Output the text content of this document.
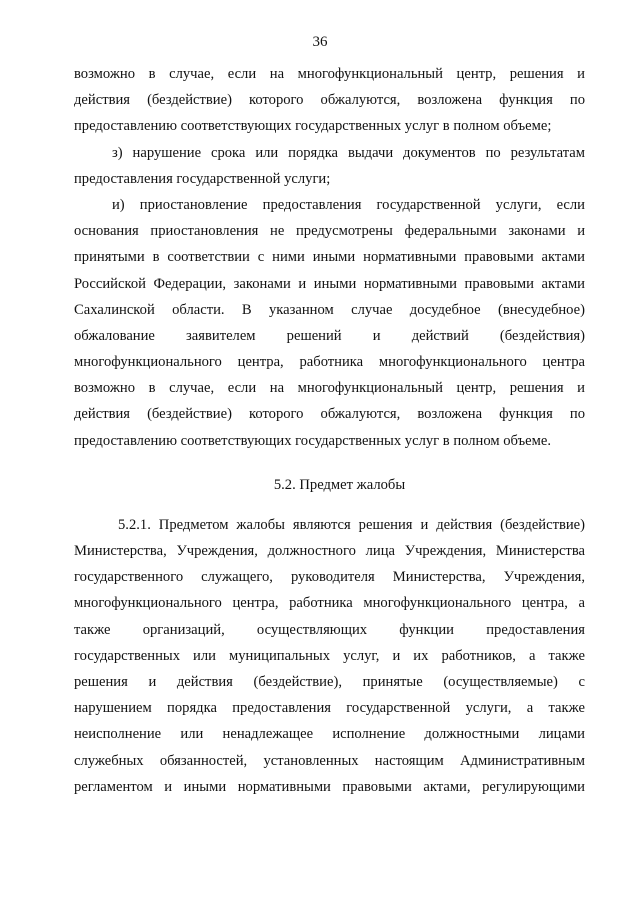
36
возможно в случае, если на многофункциональный центр, решения и
действия (бездействие) которого обжалуются, возложена функция по
предоставлению соответствующих государственных услуг в полном объеме;
з) нарушение срока или порядка выдачи документов по результатам
предоставления государственной услуги;
и) приостановление предоставления государственной услуги, если
основания приостановления не предусмотрены федеральными законами и
принятыми в соответствии с ними иными нормативными правовыми актами
Российской Федерации, законами и иными нормативными правовыми актами
Сахалинской области. В указанном случае досудебное (внесудебное)
обжалование заявителем решений и действий (бездействия)
многофункционального центра, работника многофункционального центра
возможно в случае, если на многофункциональный центр, решения и
действия (бездействие) которого обжалуются, возложена функция по
предоставлению соответствующих государственных услуг в полном объеме.
5.2. Предмет жалобы
5.2.1. Предметом жалобы являются решения и действия (бездействие)
Министерства, Учреждения, должностного лица Учреждения, Министерства
государственного служащего, руководителя Министерства, Учреждения,
многофункционального центра, работника многофункционального центра, а
также организаций, осуществляющих функции предоставления
государственных или муниципальных услуг, и их работников, а также
решения и действия (бездействие), принятые (осуществляемые) с
нарушением порядка предоставления государственной услуги, а также
неисполнение или ненадлежащее исполнение должностными лицами
служебных обязанностей, установленных настоящим Административным
регламентом и иными нормативными правовыми актами, регулирующими
